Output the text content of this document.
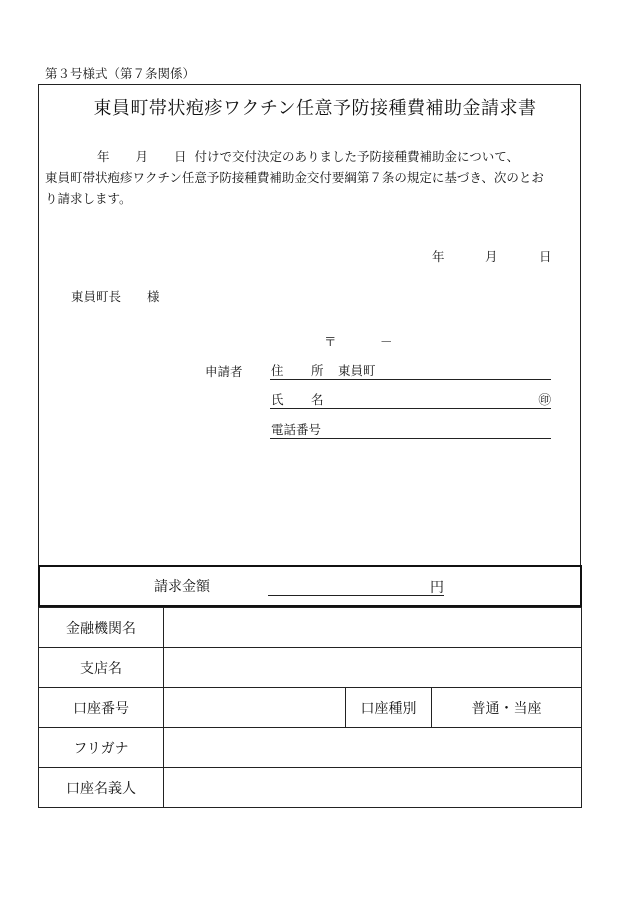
第３号様式（第７条関係）
東員町帯状疱疹ワクチン任意予防接種費補助金請求書

年 月 日 付けで交付決定のありました予防接種費補助金について、

東員町帯状疱疹ワクチン任意予防接種費補助金交付要綱第７条の規定に基づき、次のとお

り請求します。

年	月	日
東員町長 様
〒	－
申請者 住 所 東員町
氏 名	㊞
電話番号
請求金額	円
金融機関名			
支店名			
口座番号		口座種別	普通・当座
フリガナ			
口座名義人			
